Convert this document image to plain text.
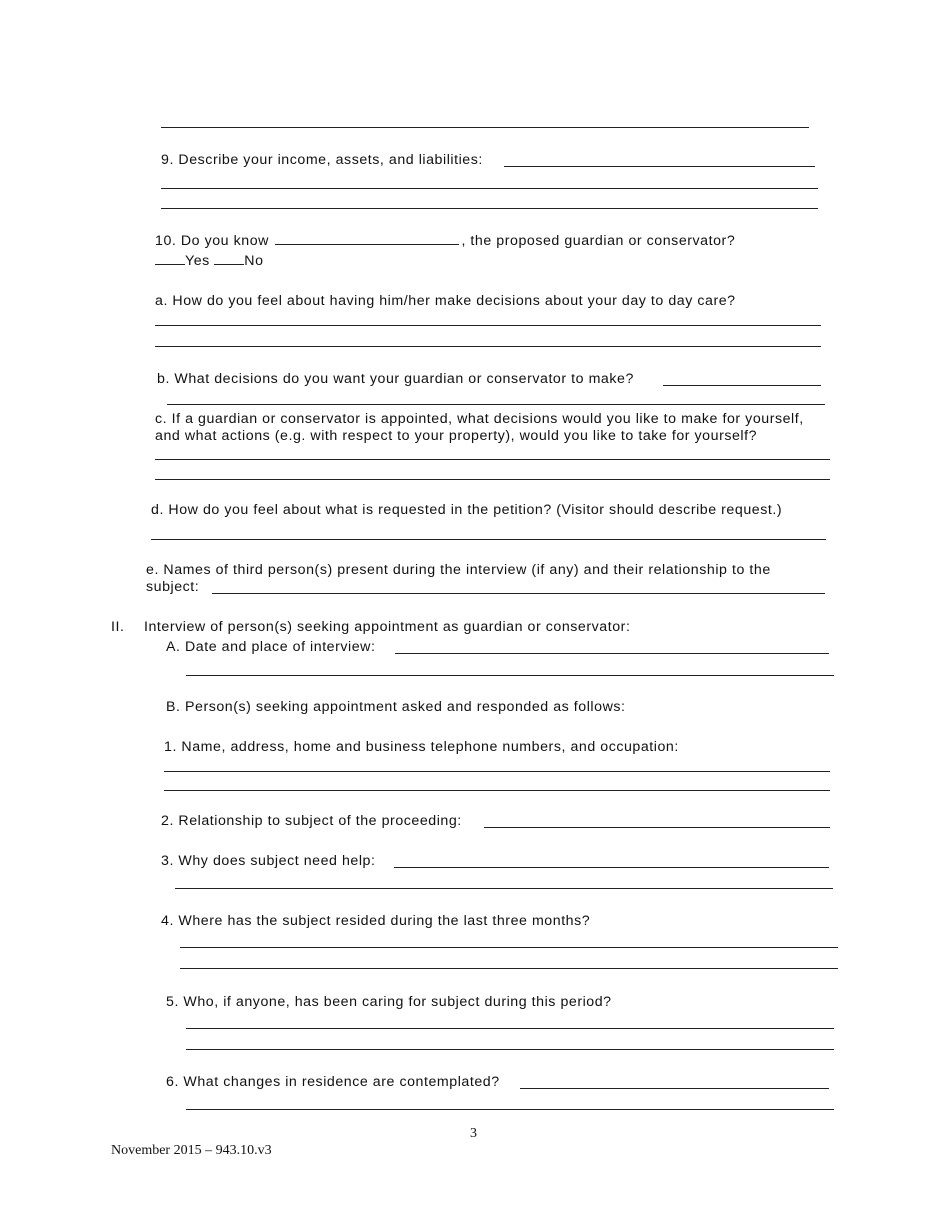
9. Describe your income, assets, and liabilities:
10. Do you know	, the proposed guardian or conservator?
Yes No
a. How do you feel about having him/her make decisions about your day to day care?
b. What decisions do you want your guardian or conservator to make?
c. If a guardian or conservator is appointed, what decisions would you like to make for yourself,
and what actions (e.g. with respect to your property), would you like to take for yourself?
d. How do you feel about what is requested in the petition? (Visitor should describe request.)
e. Names of third person(s) present during the interview (if any) and their relationship to the
subject:
II. Interview of person(s) seeking appointment as guardian or conservator:
A. Date and place of interview:
B. Person(s) seeking appointment asked and responded as follows:
1. Name, address, home and business telephone numbers, and occupation:
2. Relationship to subject of the proceeding:
3. Why does subject need help:
4. Where has the subject resided during the last three months?
5. Who, if anyone, has been caring for subject during this period?
6. What changes in residence are contemplated?
3
November 2015 – 943.10.v3
